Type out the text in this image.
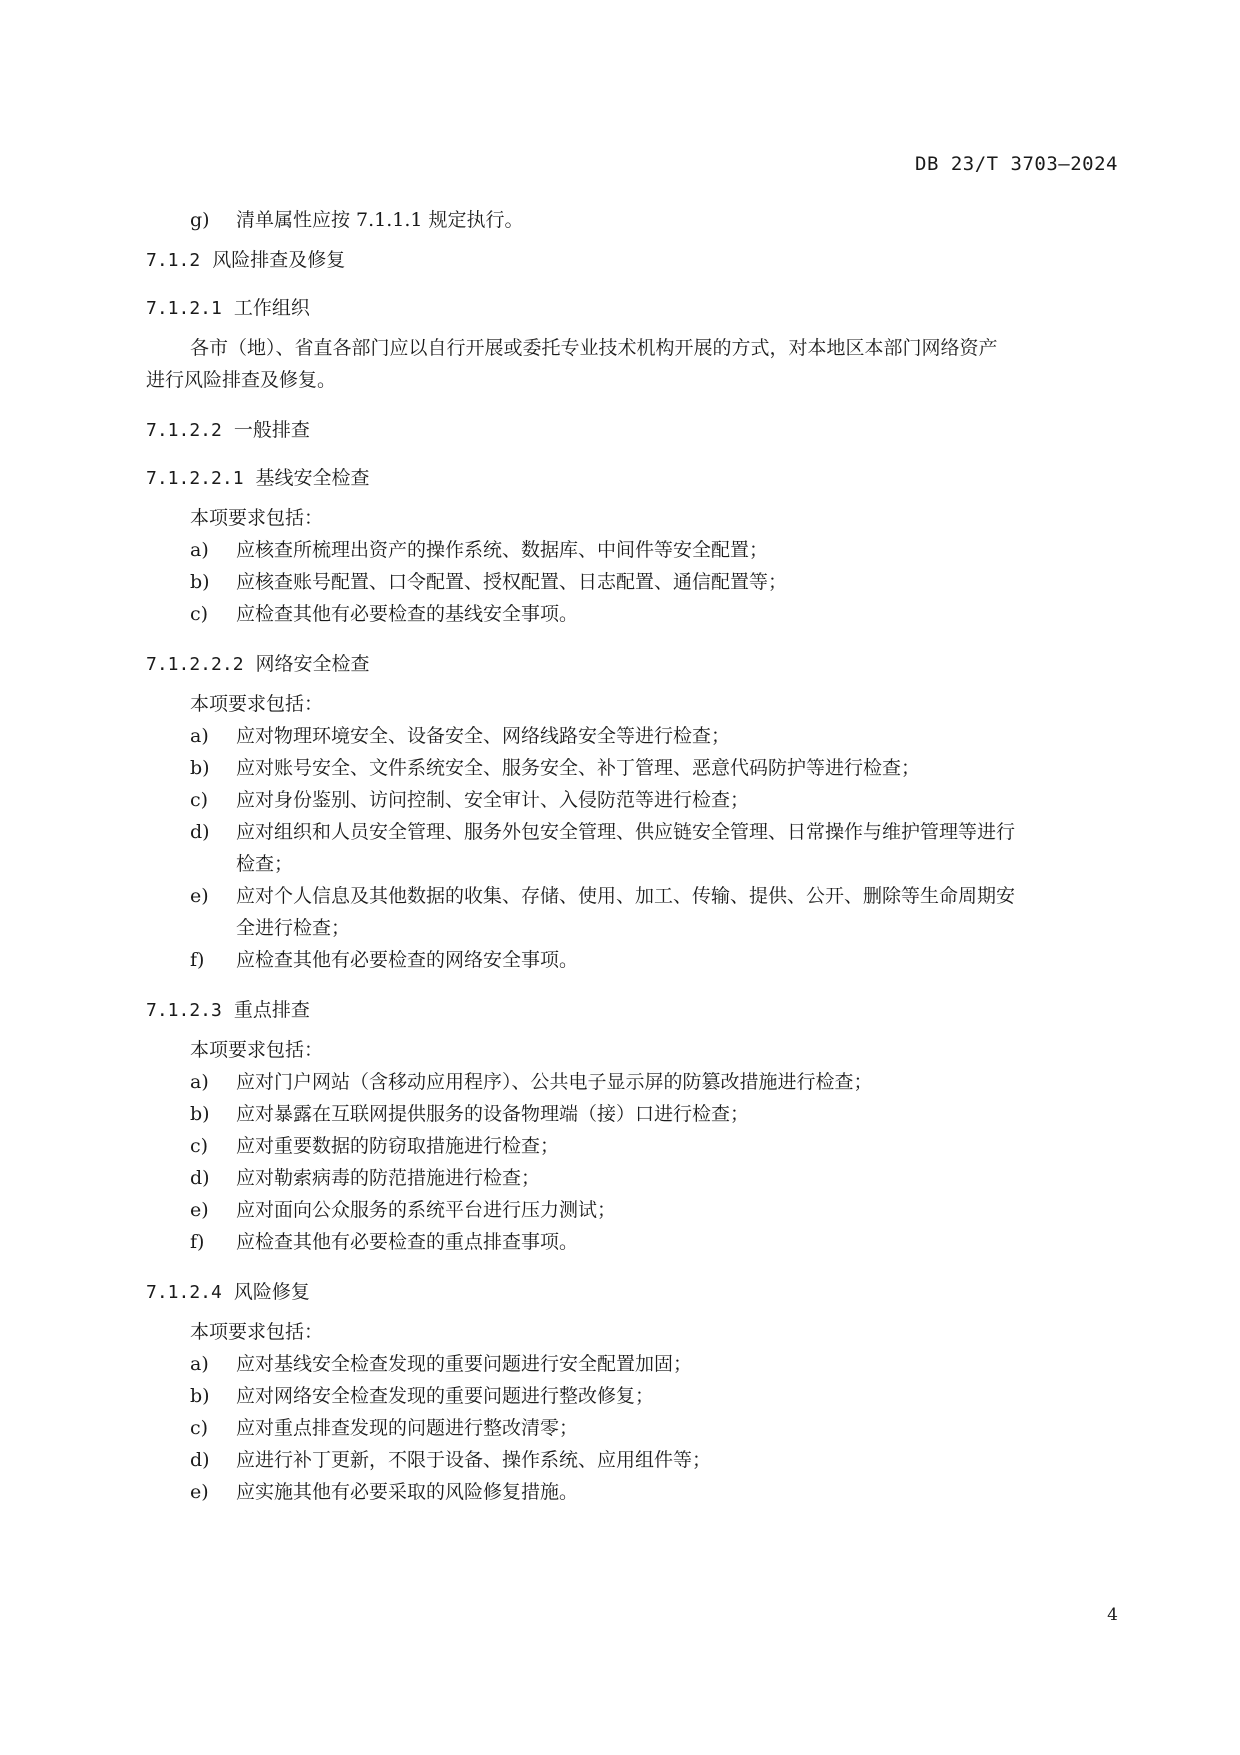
DB 23/T 3703—2024
g) 清单属性应按 7.1.1.1 规定执行。
7.1.2 风险排查及修复
7.1.2.1 工作组织
各市（地）、省直各部门应以自行开展或委托专业技术机构开展的方式，对本地区本部门网络资产
进行风险排查及修复。
7.1.2.2 一般排查
7.1.2.2.1 基线安全检查
本项要求包括：
a) 应核查所梳理出资产的操作系统、数据库、中间件等安全配置；
b) 应核查账号配置、口令配置、授权配置、日志配置、通信配置等；
c) 应检查其他有必要检查的基线安全事项。
7.1.2.2.2 网络安全检查
本项要求包括：
a) 应对物理环境安全、设备安全、网络线路安全等进行检查；
b) 应对账号安全、文件系统安全、服务安全、补丁管理、恶意代码防护等进行检查；
c) 应对身份鉴别、访问控制、安全审计、入侵防范等进行检查；
d) 应对组织和人员安全管理、服务外包安全管理、供应链安全管理、日常操作与维护管理等进行
检查；
e) 应对个人信息及其他数据的收集、存储、使用、加工、传输、提供、公开、删除等生命周期安
全进行检查；
f) 应检查其他有必要检查的网络安全事项。
7.1.2.3 重点排查
本项要求包括：
a) 应对门户网站（含移动应用程序）、公共电子显示屏的防篡改措施进行检查；
b) 应对暴露在互联网提供服务的设备物理端（接）口进行检查；
c) 应对重要数据的防窃取措施进行检查；
d) 应对勒索病毒的防范措施进行检查；
e) 应对面向公众服务的系统平台进行压力测试；
f) 应检查其他有必要检查的重点排查事项。
7.1.2.4 风险修复
本项要求包括：
a) 应对基线安全检查发现的重要问题进行安全配置加固；
b) 应对网络安全检查发现的重要问题进行整改修复；
c) 应对重点排查发现的问题进行整改清零；
d) 应进行补丁更新，不限于设备、操作系统、应用组件等；
e) 应实施其他有必要采取的风险修复措施。
4
